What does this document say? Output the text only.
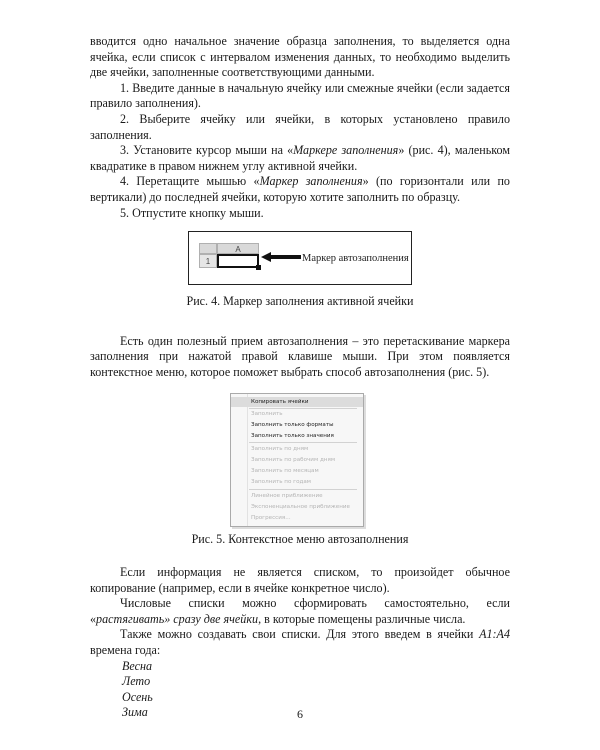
вводится одно начальное значение образца заполнения, то выделяется одна ячейка, если список с интервалом изменения данных, то необходимо выделить две ячейки, заполненные соответствующими данными.

1. Введите данные в начальную ячейку или смежные ячейки (если задается правило заполнения).

2. Выберите ячейку или ячейки, в которых установлено правило заполнения.

3. Установите курсор мыши на «Маркере заполнения» (рис. 4), маленьком квадратике в правом нижнем углу активной ячейки.

4. Перетащите мышью «Маркер заполнения» (по горизонтали или по вертикали) до последней ячейки, которую хотите заполнить по образцу.

5. Отпустите кнопку мыши.

A
1	Маркер автозаполнения

Рис. 4. Маркер заполнения активной ячейки

Есть один полезный прием автозаполнения – это перетаскивание маркера заполнения при нажатой правой клавише мыши. При этом появляется контекстное меню, которое поможет выбрать способ автозаполнения (рис. 5).

Копировать ячейки
Заполнить
Заполнить только форматы
Заполнить только значения
Заполнить по дням
Заполнить по рабочим дням
Заполнить по месяцам
Заполнить по годам
Линейное приближение
Экспоненциальное приближение
Прогрессия...

Рис. 5. Контекстное меню автозаполнения

Если информация не является списком, то произойдет обычное копирование (например, если в ячейке конкретное число).

Числовые списки можно сформировать самостоятельно, если «растягивать» сразу две ячейки, в которые помещены различные числа.

Также можно создавать свои списки. Для этого введем в ячейки A1:A4 времена года:

Весна
Лето
Осень
Зима	6
